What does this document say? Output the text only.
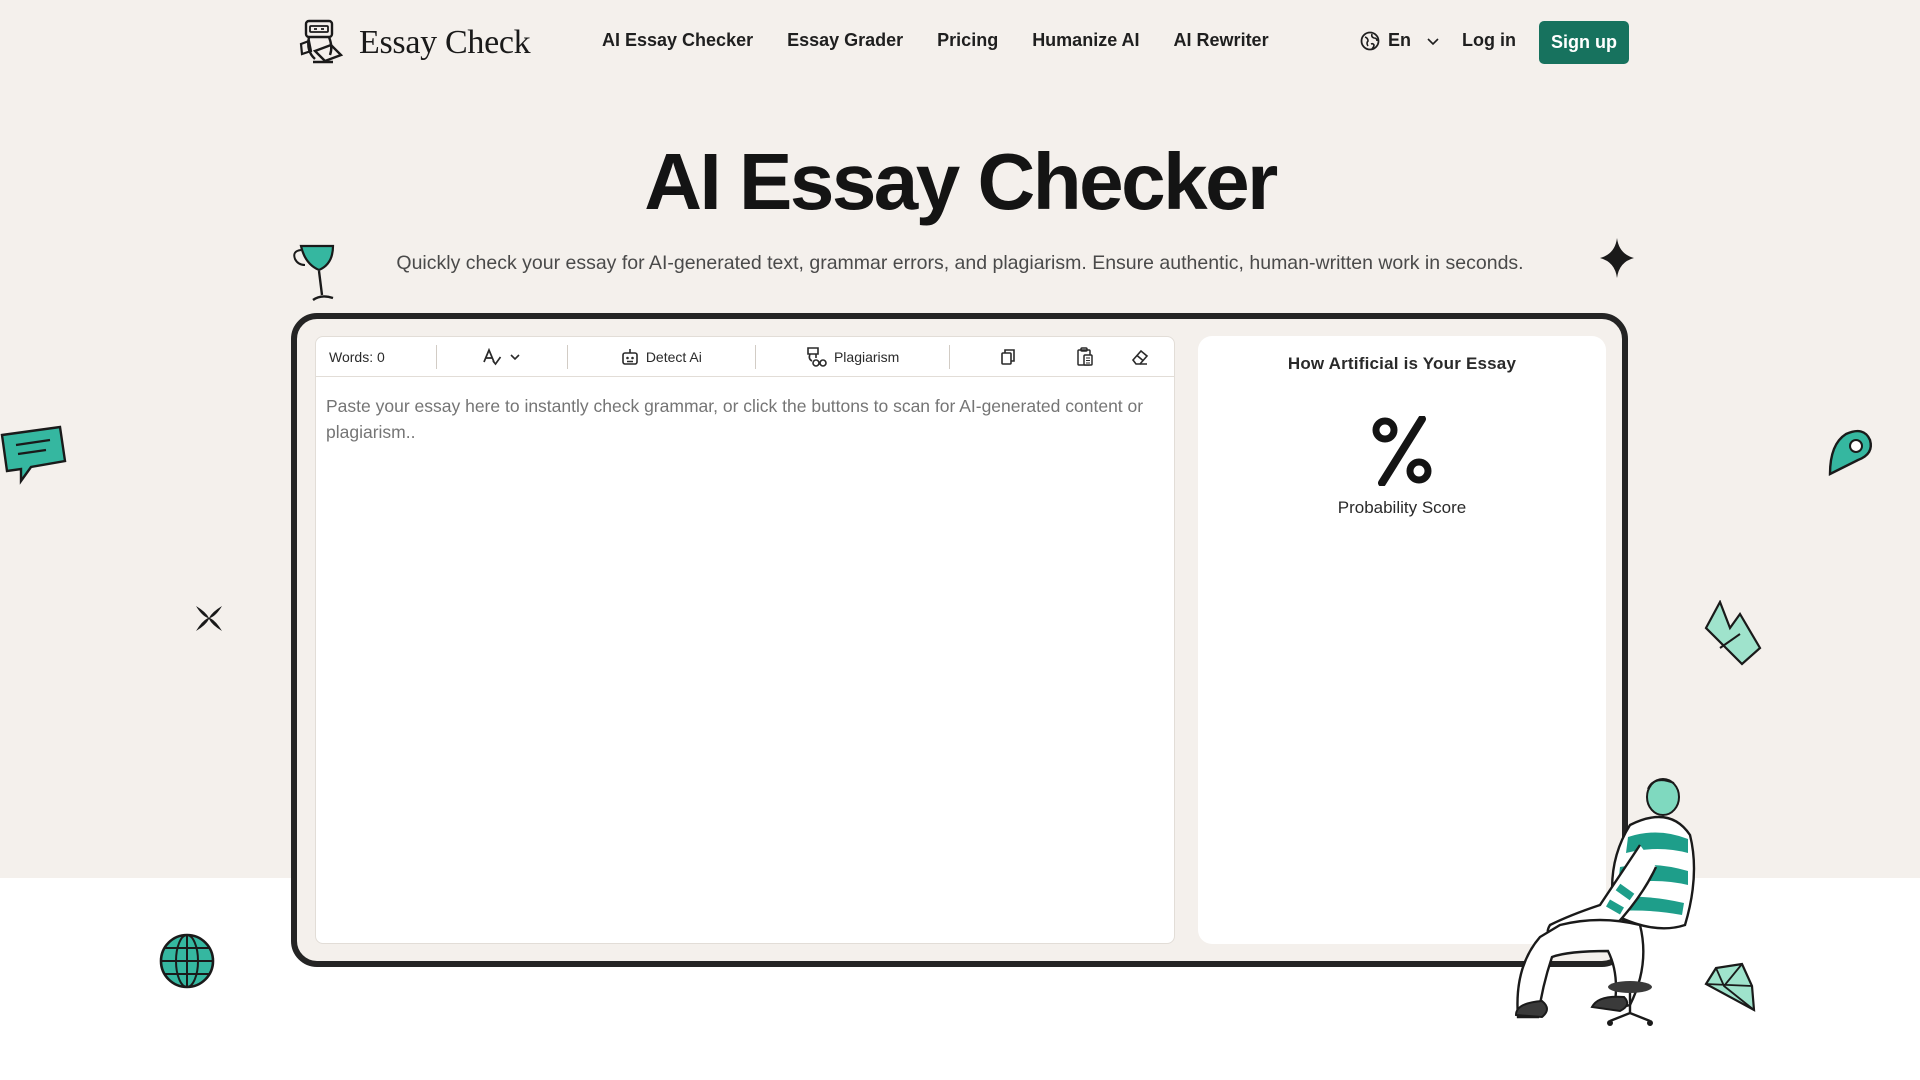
Essay Check	AI Essay Checker Essay Grader Pricing Humanize AI AI Rewriter	En	Log in	Sign up
AI Essay Checker

Quickly check your essay for AI-generated text, grammar errors, and plagiarism. Ensure authentic, human-written work in seconds.

Words: 0	Detect Ai	Plagiarism
Paste your essay here to instantly check grammar, or click the buttons to scan for AI-generated content or plagiarism..	How Artificial is Your Essay
Probability Score
